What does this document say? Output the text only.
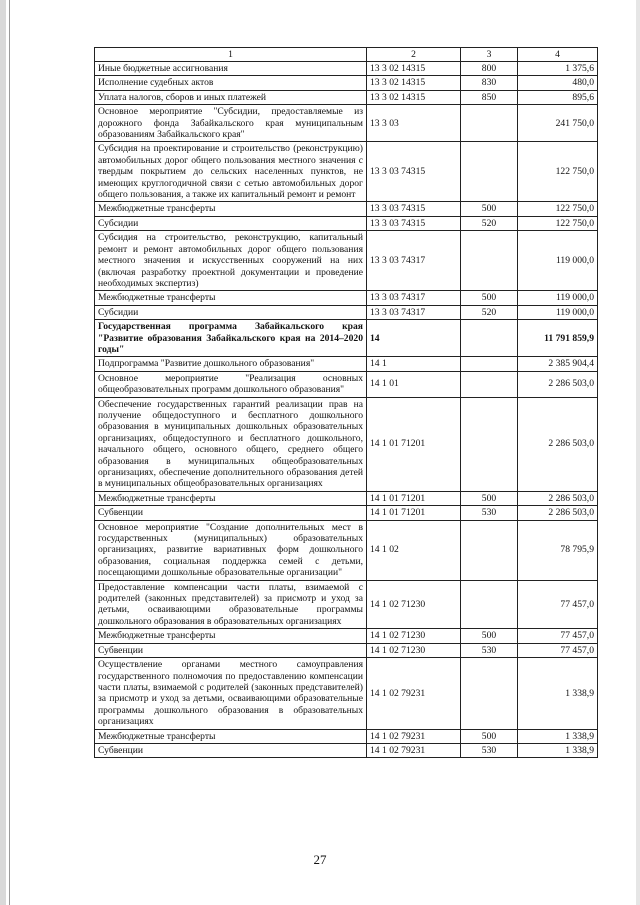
1	2	3	4
Иные бюджетные ассигнования	13 3 02 14315	800	1 375,6
Исполнение судебных актов	13 3 02 14315	830	480,0
Уплата налогов, сборов и иных платежей	13 3 02 14315	850	895,6
Основное мероприятие "Субсидии, предоставляемые из дорожного фонда Забайкальского края муниципальным образованиям Забайкальского края"	13 3 03		241 750,0
Субсидия на проектирование и строительство (реконструкцию) автомобильных дорог общего пользования местного значения с твердым покрытием до сельских населенных пунктов, не имеющих круглогодичной связи с сетью автомобильных дорог общего пользования, а также их капитальный ремонт и ремонт	13 3 03 74315		122 750,0
Межбюджетные трансферты	13 3 03 74315	500	122 750,0
Субсидии	13 3 03 74315	520	122 750,0
Субсидия на строительство, реконструкцию, капитальный ремонт и ремонт автомобильных дорог общего пользования местного значения и искусственных сооружений на них (включая разработку проектной документации и проведение необходимых экспертиз)	13 3 03 74317		119 000,0
Межбюджетные трансферты	13 3 03 74317	500	119 000,0
Субсидии	13 3 03 74317	520	119 000,0
Государственная программа Забайкальского края "Развитие образования Забайкальского края на 2014–2020 годы"	14		11 791 859,9
Подпрограмма "Развитие дошкольного образования"	14 1		2 385 904,4
Основное мероприятие "Реализация основных общеобразовательных программ дошкольного образования"	14 1 01		2 286 503,0
Обеспечение государственных гарантий реализации прав на получение общедоступного и бесплатного дошкольного образования в муниципальных дошкольных образовательных организациях, общедоступного и бесплатного дошкольного, начального общего, основного общего, среднего общего образования в муниципальных общеобразовательных организациях, обеспечение дополнительного образования детей в муниципальных общеобразовательных организациях	14 1 01 71201		2 286 503,0
Межбюджетные трансферты	14 1 01 71201	500	2 286 503,0
Субвенции	14 1 01 71201	530	2 286 503,0
Основное мероприятие "Создание дополнительных мест в государственных (муниципальных) образовательных организациях, развитие вариативных форм дошкольного образования, социальная поддержка семей с детьми, посещающими дошкольные образовательные организации"	14 1 02		78 795,9
Предоставление компенсации части платы, взимаемой с родителей (законных представителей) за присмотр и уход за детьми, осваивающими образовательные программы дошкольного образования в образовательных организациях	14 1 02 71230		77 457,0
Межбюджетные трансферты	14 1 02 71230	500	77 457,0
Субвенции	14 1 02 71230	530	77 457,0
Осуществление органами местного самоуправления государственного полномочия по предоставлению компенсации части платы, взимаемой с родителей (законных представителей) за присмотр и уход за детьми, осваивающими образовательные программы дошкольного образования в образовательных организациях	14 1 02 79231		1 338,9
Межбюджетные трансферты	14 1 02 79231	500	1 338,9
Субвенции	14 1 02 79231	530	1 338,9
27
